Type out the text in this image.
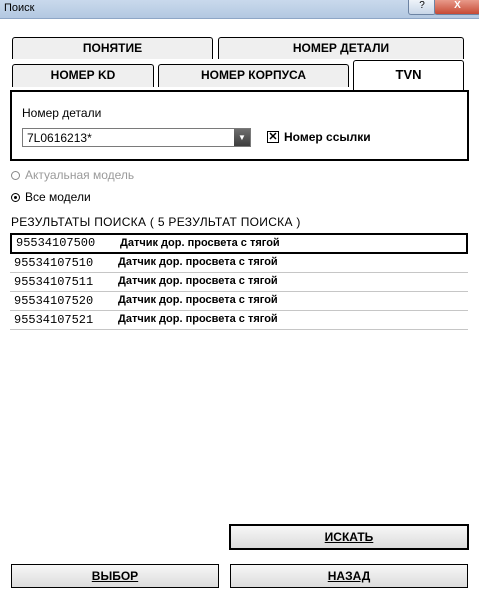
Поиск	?	X
ПОНЯТИЕ	НОМЕР ДЕТАЛИ
НОМЕР KD	НОМЕР КОРПУСА	TVN
Номер детали
7L0616213*	▼	✕ Номер ссылки
Актуальная модель
Все модели
РЕЗУЛЬТАТЫ ПОИСКА ( 5 РЕЗУЛЬТАТ ПОИСКА )
95534107500 Датчик дор. просвета с тягой
95534107510 Датчик дор. просвета с тягой
95534107511 Датчик дор. просвета с тягой
95534107520 Датчик дор. просвета с тягой
95534107521 Датчик дор. просвета с тягой
ИСКАТЬ
ВЫБОР	НАЗАД
